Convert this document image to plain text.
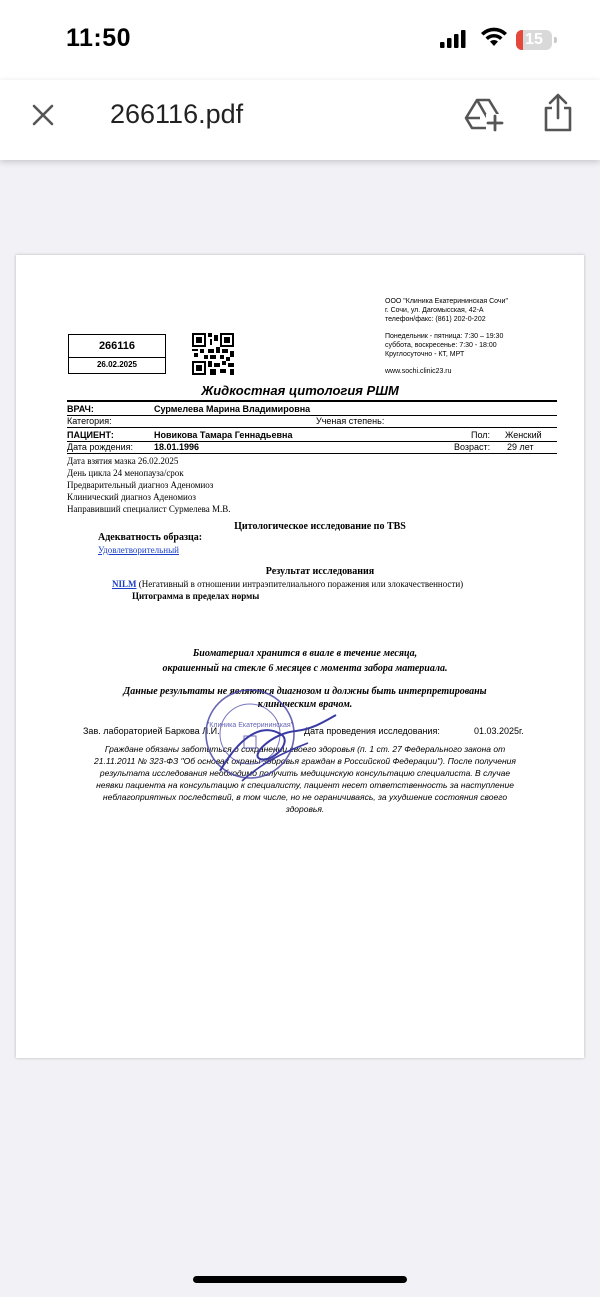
11:50	15
266116.pdf
ООО "Клиника Екатерининская Сочи"
г. Сочи, ул. Дагомысская, 42-А
телефон/факс: (861) 202-0-202
Понедельник - пятница: 7:30 – 19:30
суббота, воскресенье: 7:30 - 18:00
Круглосуточно - КТ, МРТ
www.sochi.clinic23.ru
266116
26.02.2025
Жидкостная цитология РШМ
ВРАЧ:	Сурмелева Марина Владимировна
Категория:	Ученая степень:
ПАЦИЕНТ:	Новикова Тамара Геннадьевна	Пол: Женский
Дата рождения: 18.01.1996	Возраст: 29 лет
Дата взятия мазка 26.02.2025
День цикла 24 менопауза/срок
Предварительный диагноз Аденомиоз
Клинический диагноз Аденомиоз
Направивший специалист Сурмелева М.В.
Цитологическое исследование по TBS
Адекватность образца:
Удовлетворительный
Результат исследования
NILM (Негативный в отношении интраэпителиального поражения или злокачественности)
Цитограмма в пределах нормы
Биоматериал хранится в виале в течение месяца,
окрашенный на стекле 6 месяцев с момента забора материала.
Данные результаты не являются диагнозом и должны быть интерпретированы
клиническим врачом.
Зав. лабораторией Баркова Л.И.	Дата проведения исследования:	01.03.2025г.
Граждане обязаны заботиться о сохранении своего здоровья (п. 1 ст. 27 Федерального закона от
21.11.2011 № 323-ФЗ "Об основах охраны здоровья граждан в Российской Федерации"). После получения
результата исследования необходимо получить медицинскую консультацию специалиста. В случае
неявки пациента на консультацию к специалисту, пациент несет ответственность за наступление
неблагоприятных последствий, в том числе, но не ограничиваясь, за ухудшение состояния своего
здоровья.
"Клиника Екатерининская"
